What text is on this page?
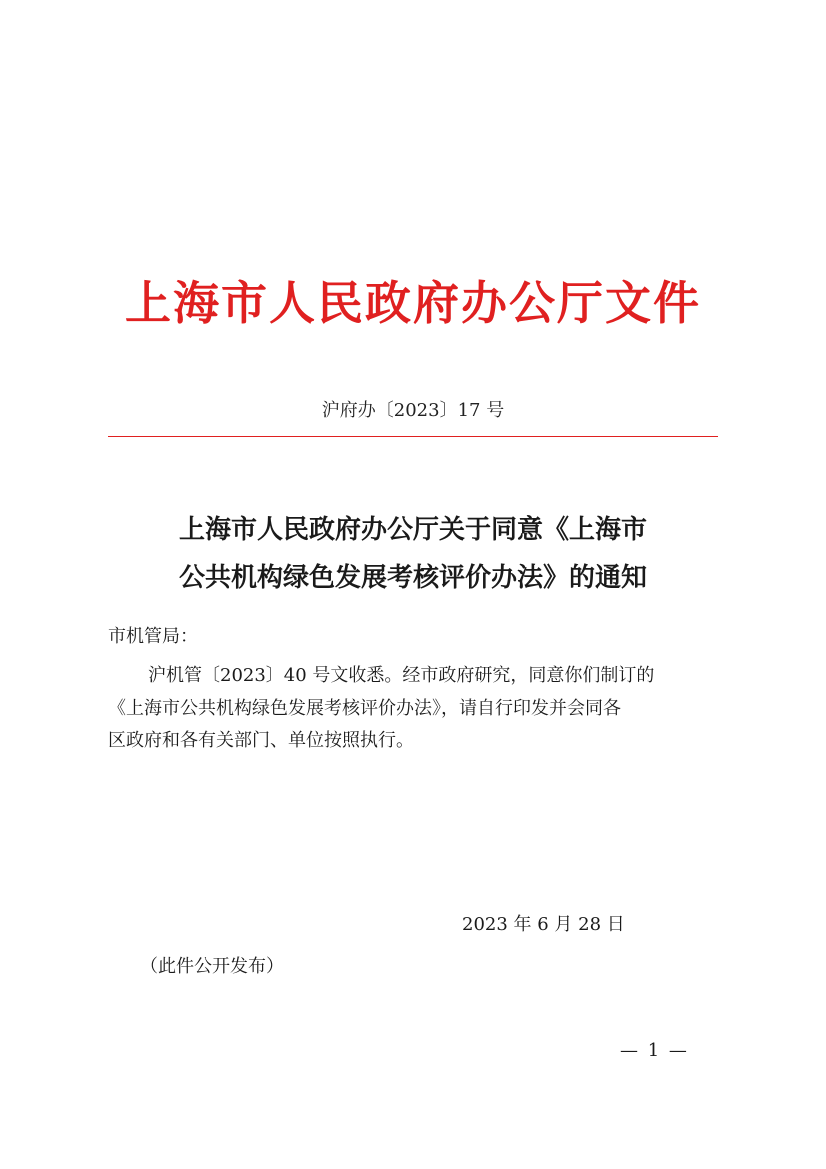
上海市人民政府办公厅文件
沪府办〔2023〕17 号
上海市人民政府办公厅关于同意《上海市
公共机构绿色发展考核评价办法》的通知
市机管局：
沪机管〔2023〕40 号文收悉。经市政府研究，同意你们制订的
《上海市公共机构绿色发展考核评价办法》，请自行印发并会同各
区政府和各有关部门、单位按照执行。
2023 年 6 月 28 日
（此件公开发布）
— 1 —
